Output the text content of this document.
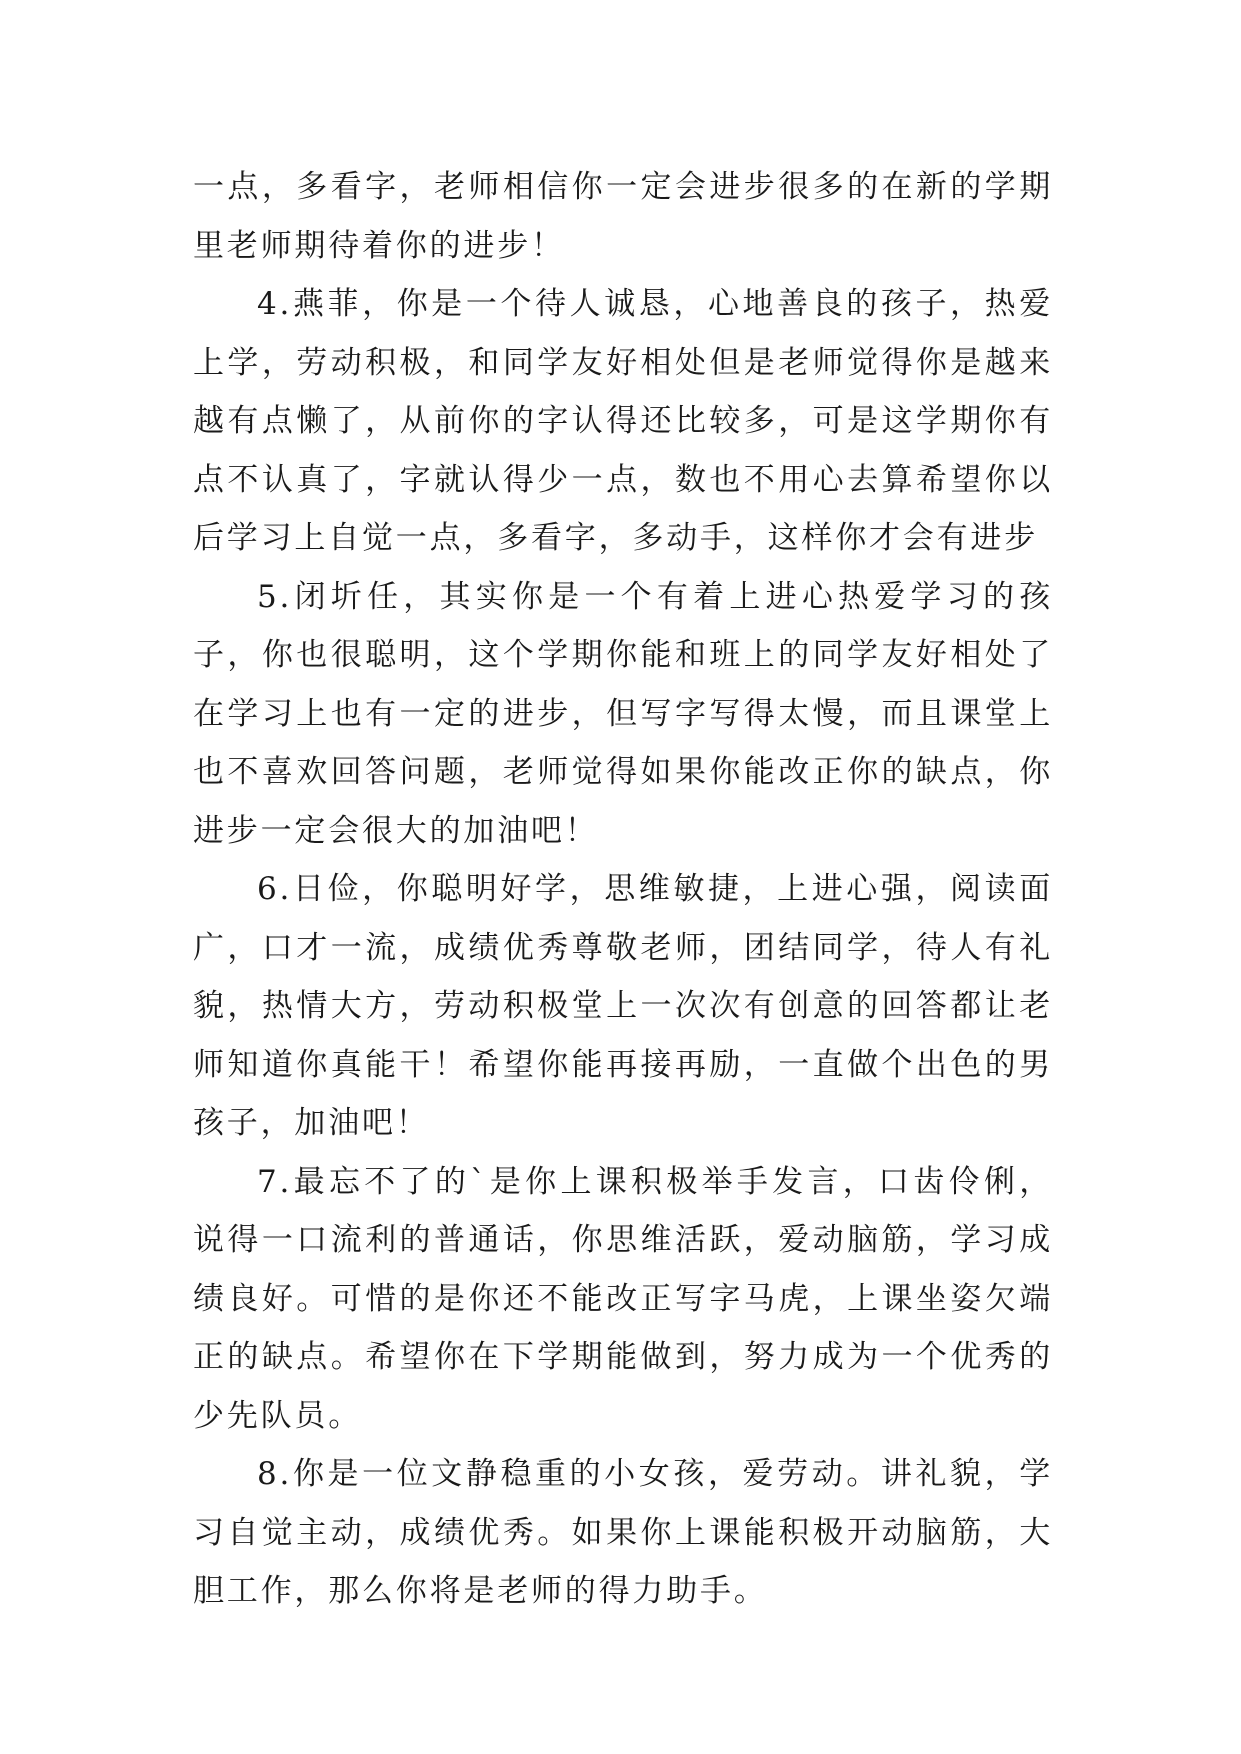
一点，多看字，老师相信你一定会进步很多的在新的学期里老师期待着你的进步！

4.燕菲，你是一个待人诚恳，心地善良的孩子，热爱上学，劳动积极，和同学友好相处但是老师觉得你是越来越有点懒了，从前你的字认得还比较多，可是这学期你有点不认真了，字就认得少一点，数也不用心去算希望你以后学习上自觉一点，多看字，多动手，这样你才会有进步

5.闭圻任，其实你是一个有着上进心热爱学习的孩子，你也很聪明，这个学期你能和班上的同学友好相处了在学习上也有一定的进步，但写字写得太慢，而且课堂上也不喜欢回答问题，老师觉得如果你能改正你的缺点，你进步一定会很大的加油吧！

6.日俭，你聪明好学，思维敏捷，上进心强，阅读面广，口才一流，成绩优秀尊敬老师，团结同学，待人有礼貌，热情大方，劳动积极堂上一次次有创意的回答都让老师知道你真能干！希望你能再接再励，一直做个出色的男孩子，加油吧！

7.最忘不了的`是你上课积极举手发言，口齿伶俐，说得一口流利的普通话，你思维活跃，爱动脑筋，学习成绩良好。可惜的是你还不能改正写字马虎，上课坐姿欠端正的缺点。希望你在下学期能做到，努力成为一个优秀的少先队员。

8.你是一位文静稳重的小女孩，爱劳动。讲礼貌，学习自觉主动，成绩优秀。如果你上课能积极开动脑筋，大胆工作，那么你将是老师的得力助手。
